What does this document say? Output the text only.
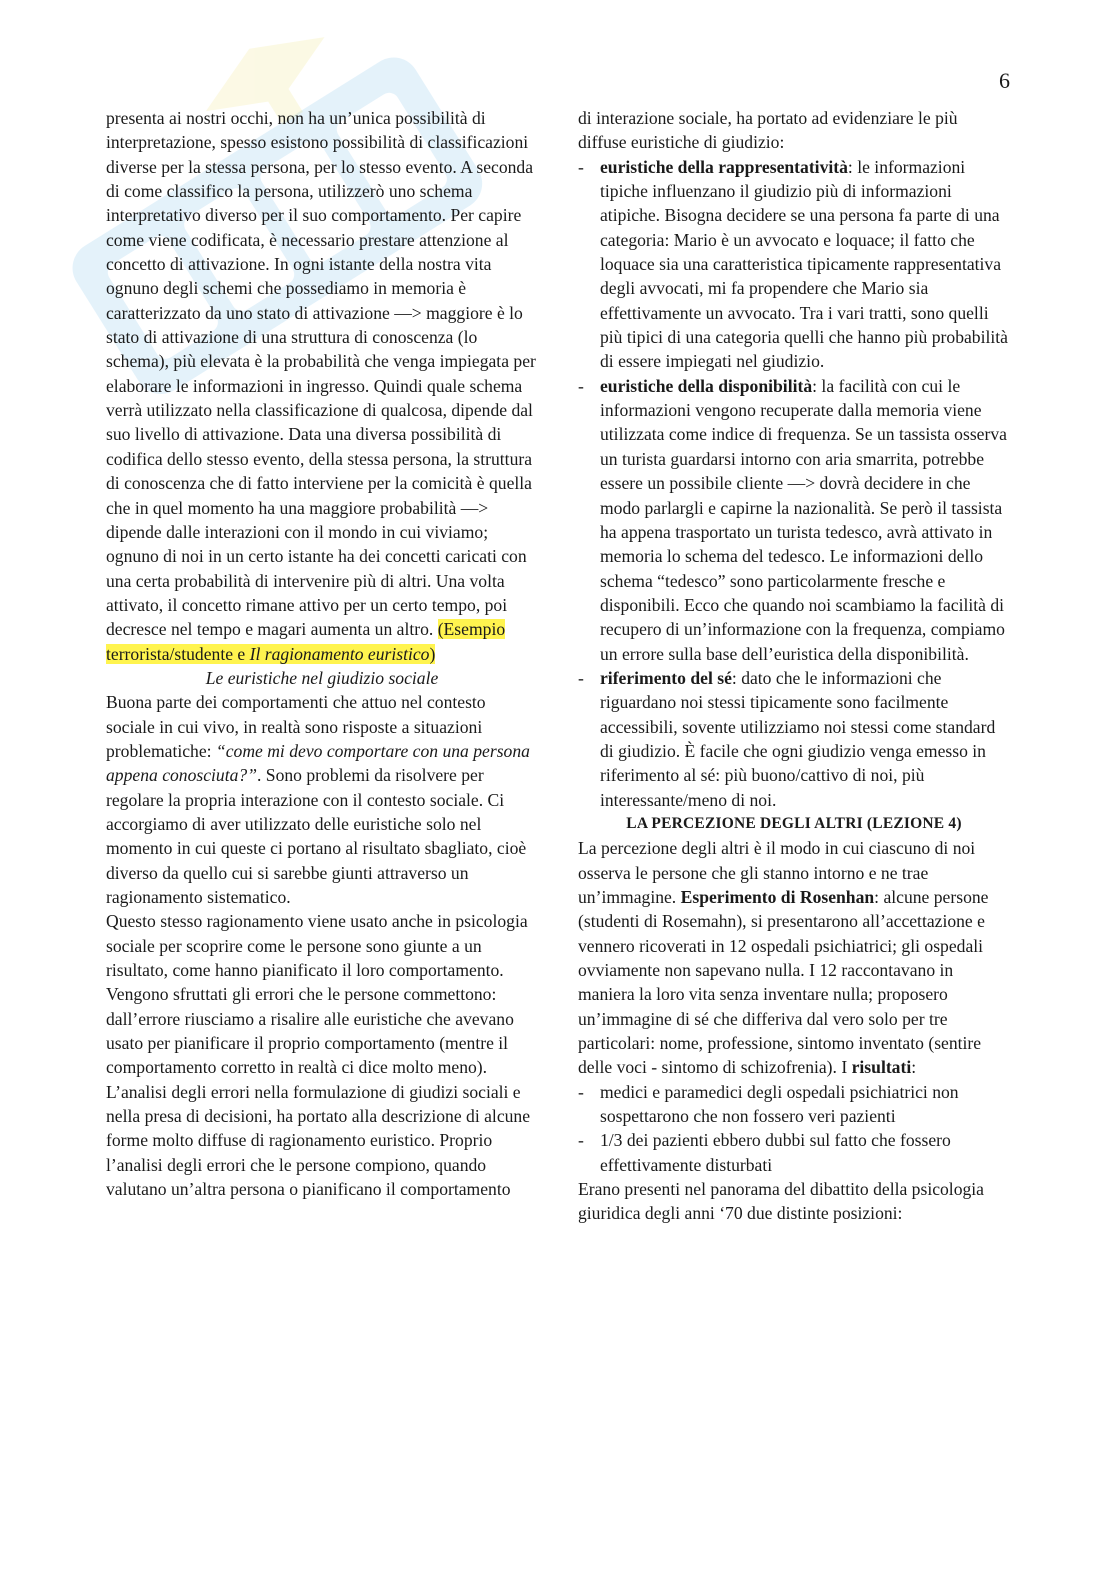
6

presenta ai nostri occhi, non ha un’unica possibilità di interpretazione, spesso esistono possibilità di classificazioni diverse per la stessa persona, per lo stesso evento. A seconda di come classifico la persona, utilizzerò uno schema interpretativo diverso per il suo comportamento. Per capire come viene codificata, è necessario prestare attenzione al concetto di attivazione. In ogni istante della nostra vita ognuno degli schemi che possediamo in memoria è caratterizzato da uno stato di attivazione —> maggiore è lo stato di attivazione di una struttura di conoscenza (lo schema), più elevata è la probabilità che venga impiegata per elaborare le informazioni in ingresso. Quindi quale schema verrà utilizzato nella classificazione di qualcosa, dipende dal suo livello di attivazione. Data una diversa possibilità di codifica dello stesso evento, della stessa persona, la struttura di conoscenza che di fatto interviene per la comicità è quella che in quel momento ha una maggiore probabilità —> dipende dalle interazioni con il mondo in cui viviamo; ognuno di noi in un certo istante ha dei concetti caricati con una certa probabilità di intervenire più di altri. Una volta attivato, il concetto rimane attivo per un certo tempo, poi decresce nel tempo e magari aumenta un altro. (Esempio terrorista/studente e Il ragionamento euristico)

Le euristiche nel giudizio sociale

Buona parte dei comportamenti che attuo nel contesto sociale in cui vivo, in realtà sono risposte a situazioni problematiche: “come mi devo comportare con una persona appena conosciuta?”. Sono problemi da risolvere per regolare la propria interazione con il contesto sociale. Ci accorgiamo di aver utilizzato delle euristiche solo nel momento in cui queste ci portano al risultato sbagliato, cioè diverso da quello cui si sarebbe giunti attraverso un ragionamento sistematico.

Questo stesso ragionamento viene usato anche in psicologia sociale per scoprire come le persone sono giunte a un risultato, come hanno pianificato il loro comportamento. Vengono sfruttati gli errori che le persone commettono: dall’errore riusciamo a risalire alle euristiche che avevano usato per pianificare il proprio comportamento (mentre il comportamento corretto in realtà ci dice molto meno). L’analisi degli errori nella formulazione di giudizi sociali e nella presa di decisioni, ha portato alla descrizione di alcune forme molto diffuse di ragionamento euristico. Proprio l’analisi degli errori che le persone compiono, quando valutano un’altra persona o pianificano il comportamento

di interazione sociale, ha portato ad evidenziare le più diffuse euristiche di giudizio:

- euristiche della rappresentatività: le informazioni tipiche influenzano il giudizio più di informazioni atipiche. Bisogna decidere se una persona fa parte di una categoria: Mario è un avvocato e loquace; il fatto che loquace sia una caratteristica tipicamente rappresentativa degli avvocati, mi fa propendere che Mario sia effettivamente un avvocato. Tra i vari tratti, sono quelli più tipici di una categoria quelli che hanno più probabilità di essere impiegati nel giudizio.

- euristiche della disponibilità: la facilità con cui le informazioni vengono recuperate dalla memoria viene utilizzata come indice di frequenza. Se un tassista osserva un turista guardarsi intorno con aria smarrita, potrebbe essere un possibile cliente —> dovrà decidere in che modo parlargli e capirne la nazionalità. Se però il tassista ha appena trasportato un turista tedesco, avrà attivato in memoria lo schema del tedesco. Le informazioni dello schema “tedesco” sono particolarmente fresche e disponibili. Ecco che quando noi scambiamo la facilità di recupero di un’informazione con la frequenza, compiamo un errore sulla base dell’euristica della disponibilità.

- riferimento del sé: dato che le informazioni che riguardano noi stessi tipicamente sono facilmente accessibili, sovente utilizziamo noi stessi come standard di giudizio. È facile che ogni giudizio venga emesso in riferimento al sé: più buono/cattivo di noi, più interessante/meno di noi.

LA PERCEZIONE DEGLI ALTRI (LEZIONE 4)

La percezione degli altri è il modo in cui ciascuno di noi osserva le persone che gli stanno intorno e ne trae un’immagine. Esperimento di Rosenhan: alcune persone (studenti di Rosemahn), si presentarono all’accettazione e vennero ricoverati in 12 ospedali psichiatrici; gli ospedali ovviamente non sapevano nulla. I 12 raccontavano in maniera la loro vita senza inventare nulla; proposero un’immagine di sé che differiva dal vero solo per tre particolari: nome, professione, sintomo inventato (sentire delle voci - sintomo di schizofrenia). I risultati:

- medici e paramedici degli ospedali psichiatrici non sospettarono che non fossero veri pazienti

- 1/3 dei pazienti ebbero dubbi sul fatto che fossero effettivamente disturbati

Erano presenti nel panorama del dibattito della psicologia giuridica degli anni ‘70 due distinte posizioni:
